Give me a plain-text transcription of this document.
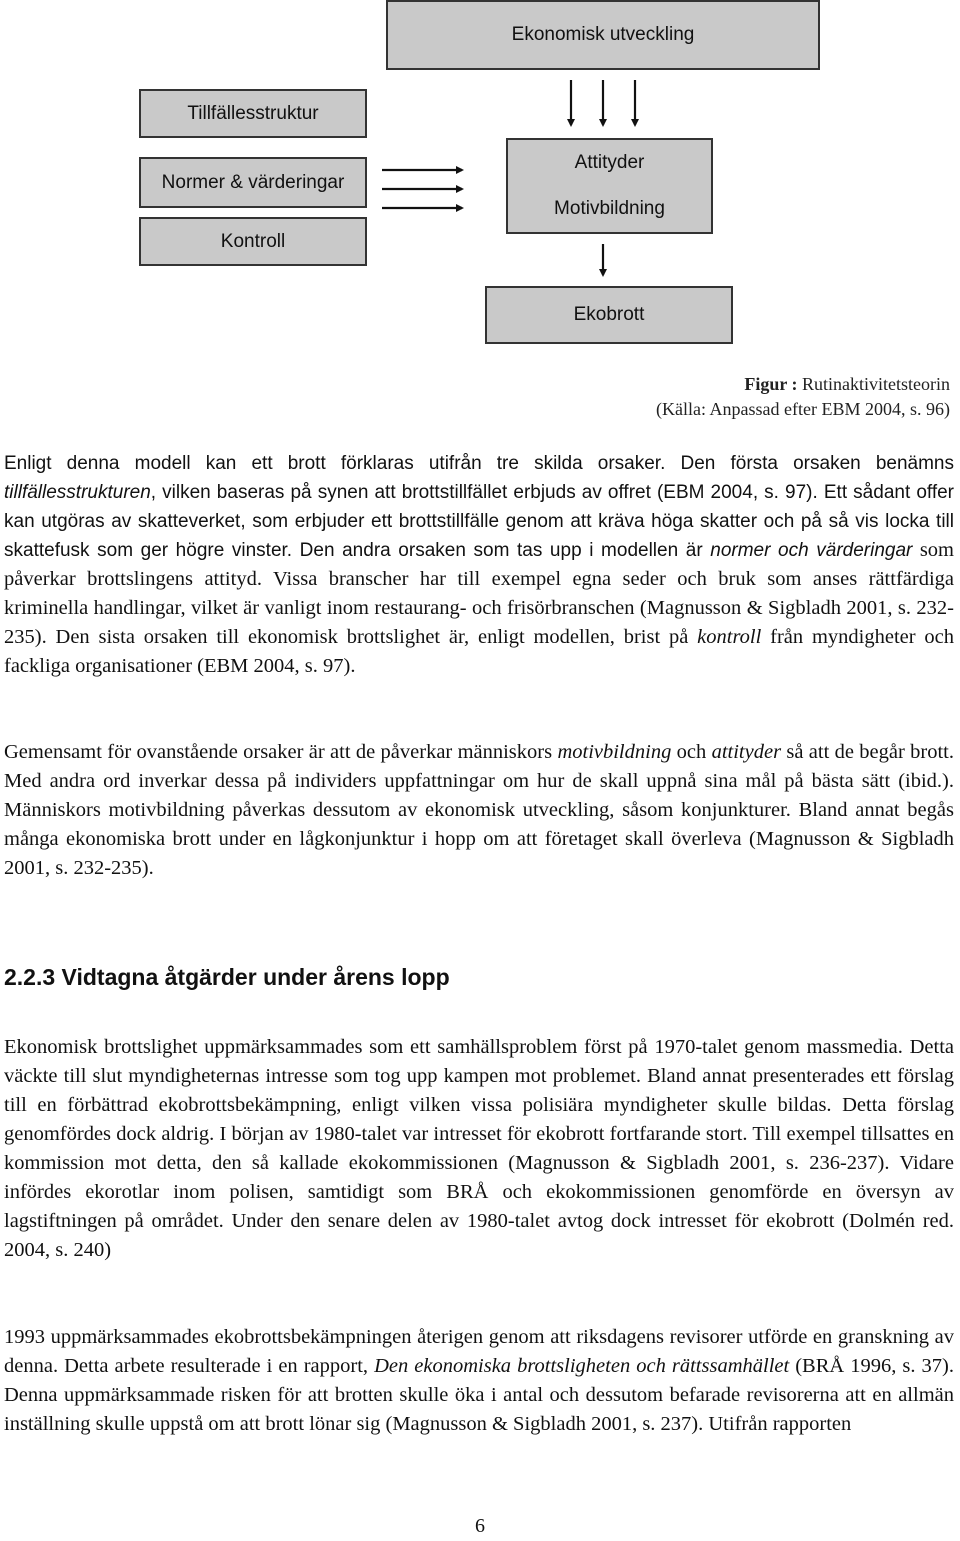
Ekonomisk utveckling
Tillfällesstruktur
Normer & värderingar
Kontroll
Attityder
Motivbildning
Ekobrott
Figur : Rutinaktivitetsteorin
(Källa: Anpassad efter EBM 2004, s. 96)

Enligt denna modell kan ett brott förklaras utifrån tre skilda orsaker. Den första orsaken benämns tillfällesstrukturen, vilken baseras på synen att brottstillfället erbjuds av offret (EBM 2004, s. 97). Ett sådant offer kan utgöras av skatteverket, som erbjuder ett brottstillfälle genom att kräva höga skatter och på så vis locka till skattefusk som ger högre vinster. Den andra orsaken som tas upp i modellen är normer och värderingar som påverkar brottslingens attityd. Vissa branscher har till exempel egna seder och bruk som anses rättfärdiga kriminella handlingar, vilket är vanligt inom restaurang- och frisörbranschen (Magnusson & Sigbladh 2001, s. 232-235). Den sista orsaken till ekonomisk brottslighet är, enligt modellen, brist på kontroll från myndigheter och fackliga organisationer (EBM 2004, s. 97).

Gemensamt för ovanstående orsaker är att de påverkar människors motivbildning och attityder så att de begår brott. Med andra ord inverkar dessa på individers uppfattningar om hur de skall uppnå sina mål på bästa sätt (ibid.). Människors motivbildning påverkas dessutom av ekonomisk utveckling, såsom konjunkturer. Bland annat begås många ekonomiska brott under en lågkonjunktur i hopp om att företaget skall överleva (Magnusson & Sigbladh 2001, s. 232-235).

2.2.3 Vidtagna åtgärder under årens lopp

Ekonomisk brottslighet uppmärksammades som ett samhällsproblem först på 1970-talet genom massmedia. Detta väckte till slut myndigheternas intresse som tog upp kampen mot problemet. Bland annat presenterades ett förslag till en förbättrad ekobrottsbekämpning, enligt vilken vissa polisiära myndigheter skulle bildas. Detta förslag genomfördes dock aldrig. I början av 1980-talet var intresset för ekobrott fortfarande stort. Till exempel tillsattes en kommission mot detta, den så kallade ekokommissionen (Magnusson & Sigbladh 2001, s. 236-237). Vidare infördes ekorotlar inom polisen, samtidigt som BRÅ och ekokommissionen genomförde en översyn av lagstiftningen på området. Under den senare delen av 1980-talet avtog dock intresset för ekobrott (Dolmén red. 2004, s. 240)

1993 uppmärksammades ekobrottsbekämpningen återigen genom att riksdagens revisorer utförde en granskning av denna. Detta arbete resulterade i en rapport, Den ekonomiska brottsligheten och rättssamhället (BRÅ 1996, s. 37). Denna uppmärksammade risken för att brotten skulle öka i antal och dessutom befarade revisorerna att en allmän inställning skulle uppstå om att brott lönar sig (Magnusson & Sigbladh 2001, s. 237). Utifrån rapporten

6
